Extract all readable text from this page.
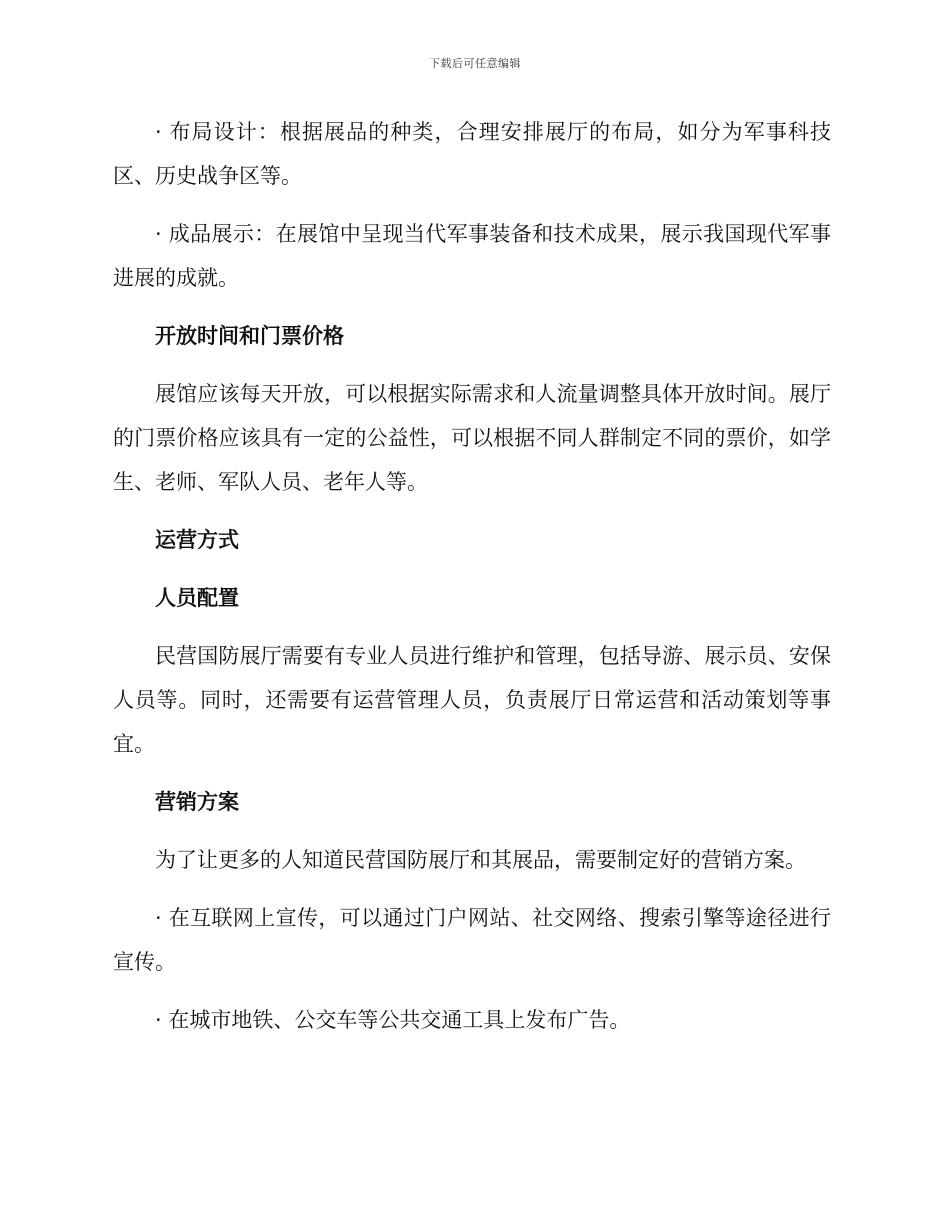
下载后可任意编辑

· 布局设计：根据展品的种类，合理安排展厅的布局，如分为军事科技区、历史战争区等。

· 成品展示：在展馆中呈现当代军事装备和技术成果，展示我国现代军事进展的成就。

开放时间和门票价格

展馆应该每天开放，可以根据实际需求和人流量调整具体开放时间。展厅的门票价格应该具有一定的公益性，可以根据不同人群制定不同的票价，如学生、老师、军队人员、老年人等。

运营方式

人员配置

民营国防展厅需要有专业人员进行维护和管理，包括导游、展示员、安保人员等。同时，还需要有运营管理人员，负责展厅日常运营和活动策划等事宜。

营销方案

为了让更多的人知道民营国防展厅和其展品，需要制定好的营销方案。

· 在互联网上宣传，可以通过门户网站、社交网络、搜索引擎等途径进行宣传。

· 在城市地铁、公交车等公共交通工具上发布广告。
